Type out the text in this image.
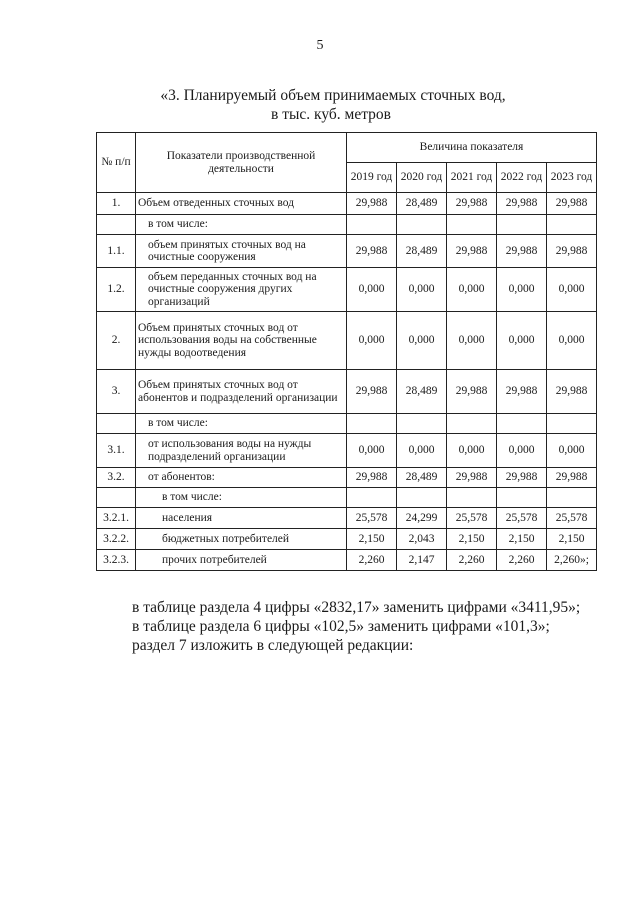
5
«3. Планируемый объем принимаемых сточных вод,
в тыс. куб. метров
№ п/п	Показатели производственной деятельности	Величина показателя				
		2019 год	2020 год	2021 год	2022 год	2023 год
1.	Объем отведенных сточных вод	29,988	28,489	29,988	29,988	29,988
	в том числе:					
1.1.	объем принятых сточных вод на очистные сооружения	29,988	28,489	29,988	29,988	29,988
1.2.	объем переданных сточных вод на очистные сооружения других организаций	0,000	0,000	0,000	0,000	0,000
2.	Объем принятых сточных вод от использования воды на собственные нужды водоотведения	0,000	0,000	0,000	0,000	0,000
3.	Объем принятых сточных вод от абонентов и подразделений организации	29,988	28,489	29,988	29,988	29,988
	в том числе:					
3.1.	от использования воды на нужды подразделений организации	0,000	0,000	0,000	0,000	0,000
3.2.	от абонентов:	29,988	28,489	29,988	29,988	29,988
	в том числе:					
3.2.1.	населения	25,578	24,299	25,578	25,578	25,578
3.2.2.	бюджетных потребителей	2,150	2,043	2,150	2,150	2,150
3.2.3.	прочих потребителей	2,260	2,147	2,260	2,260	2,260»;
в таблице раздела 4 цифры «2832,17» заменить цифрами «3411,95»;
в таблице раздела 6 цифры «102,5» заменить цифрами «101,3»;
раздел 7 изложить в следующей редакции:
